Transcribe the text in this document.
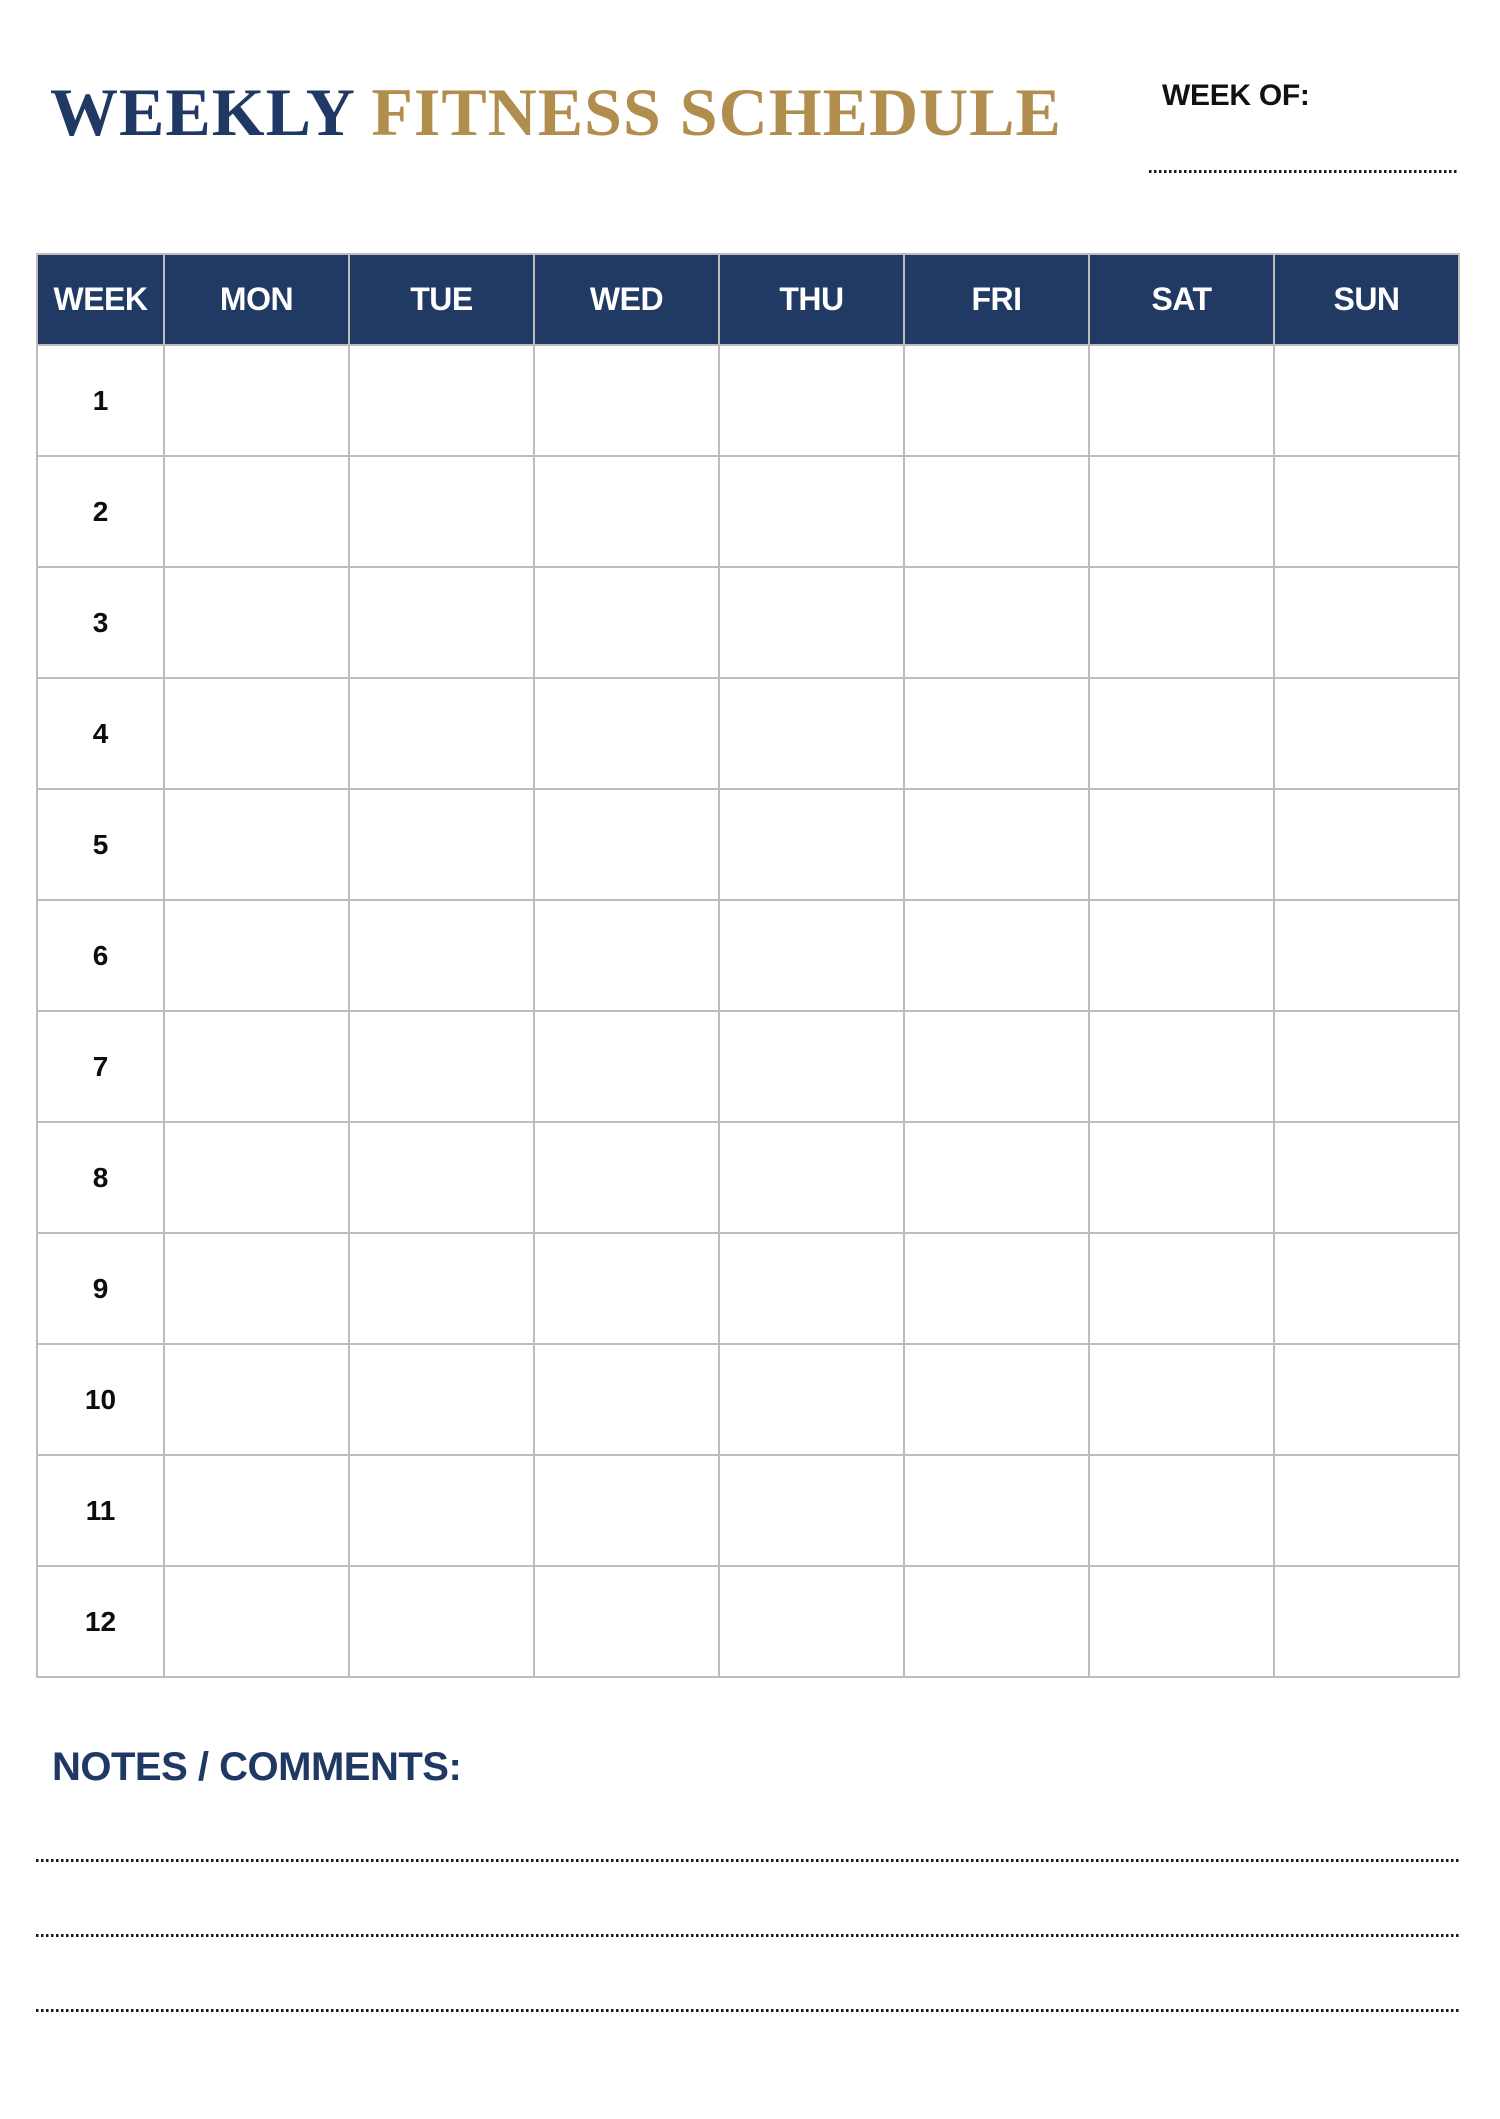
WEEKLY FITNESS SCHEDULE	WEEK OF:
WEEK	MON	TUE	WED	THU	FRI	SAT	SUN
1							
2							
3							
4							
5							
6							
7							
8							
9							
10							
11							
12							
NOTES / COMMENTS:
